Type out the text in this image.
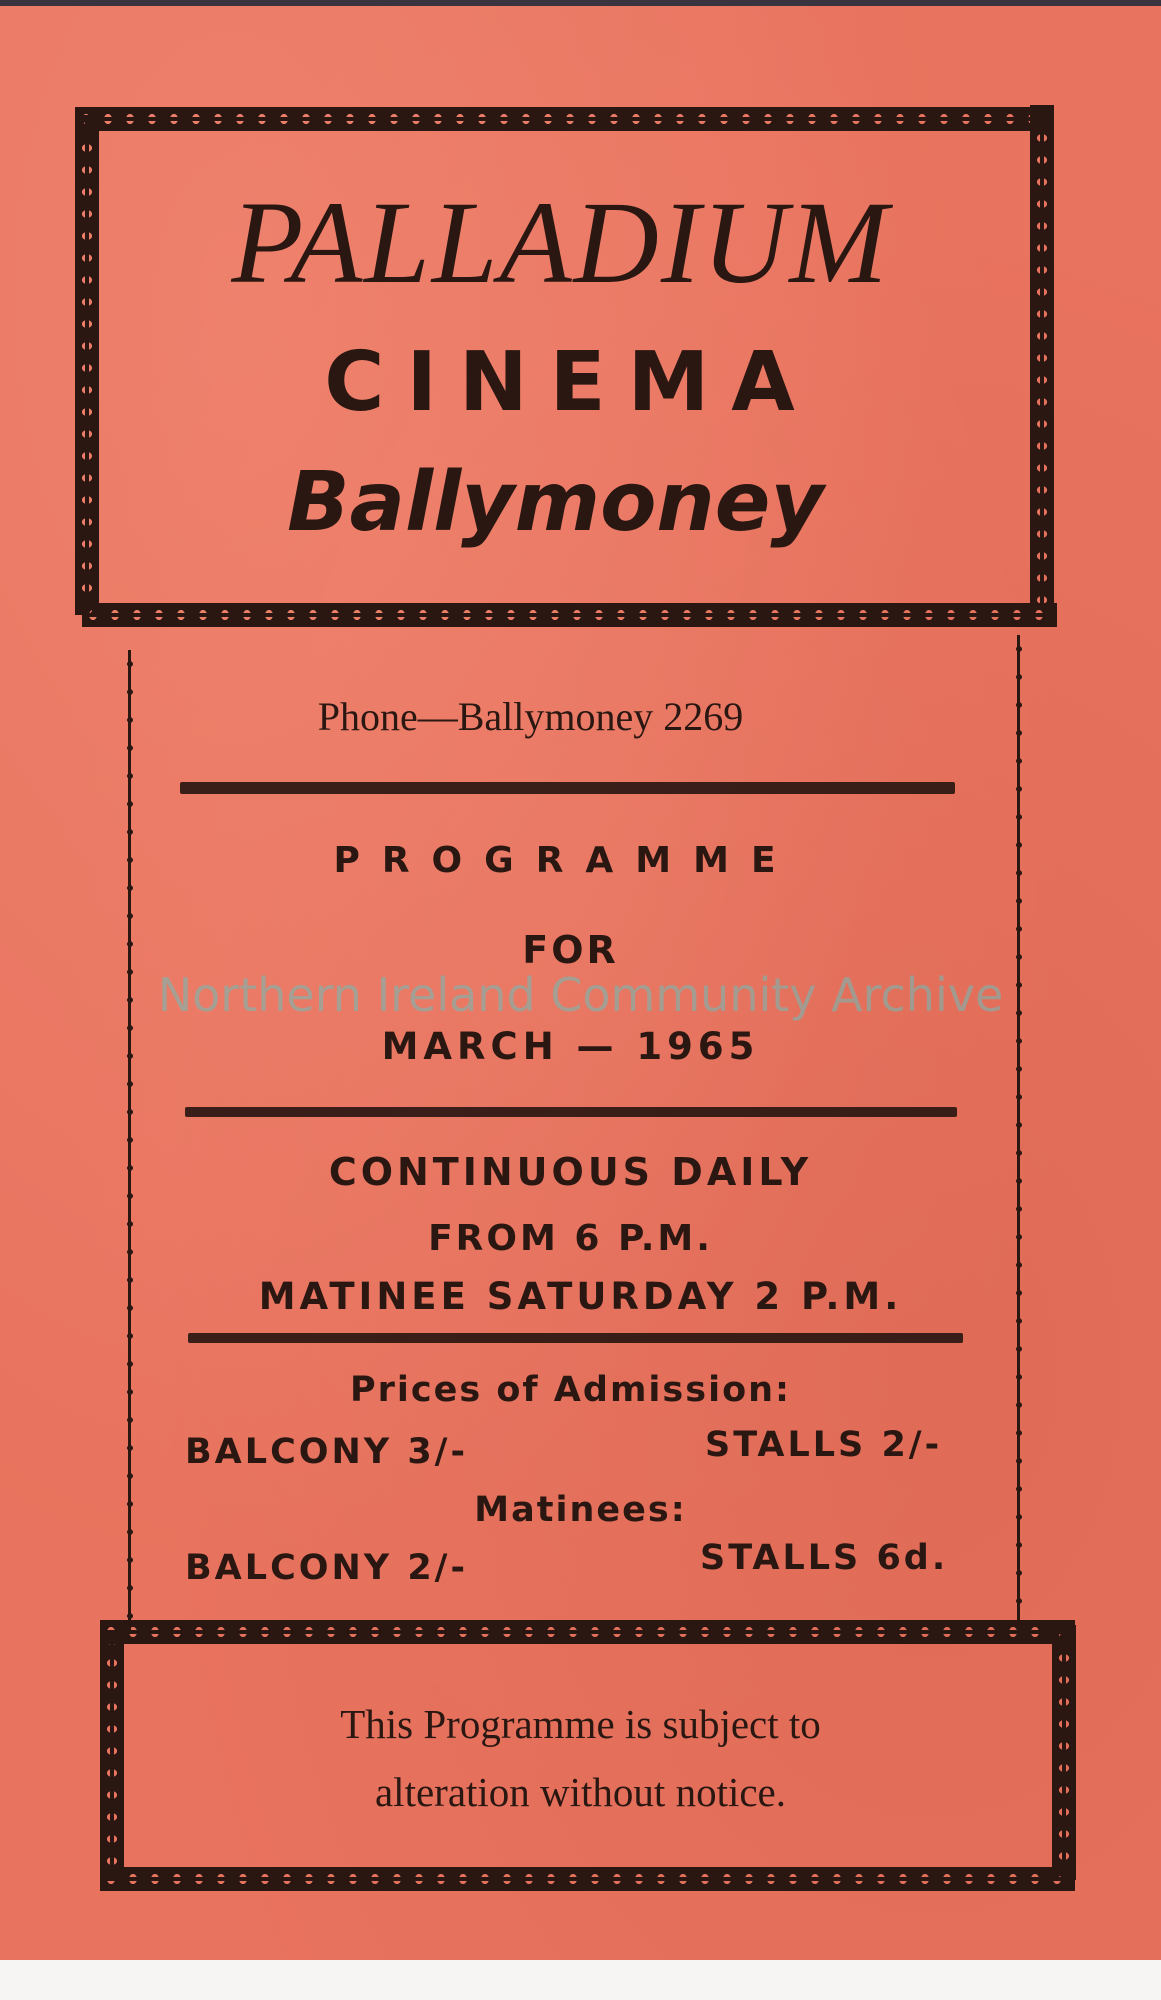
PALLADIUM
CINEMA
Ballymoney
Phone—Ballymoney 2269
PROGRAMME
FOR
MARCH — 1965
CONTINUOUS DAILY
FROM 6 P.M.
MATINEE SATURDAY 2 P.M.
Prices of Admission:
BALCONY 3/-	STALLS 2/-
Matinees:
BALCONY 2/-	STALLS 6d.
This Programme is subject to
alteration without notice.
Northern Ireland Community Archive
